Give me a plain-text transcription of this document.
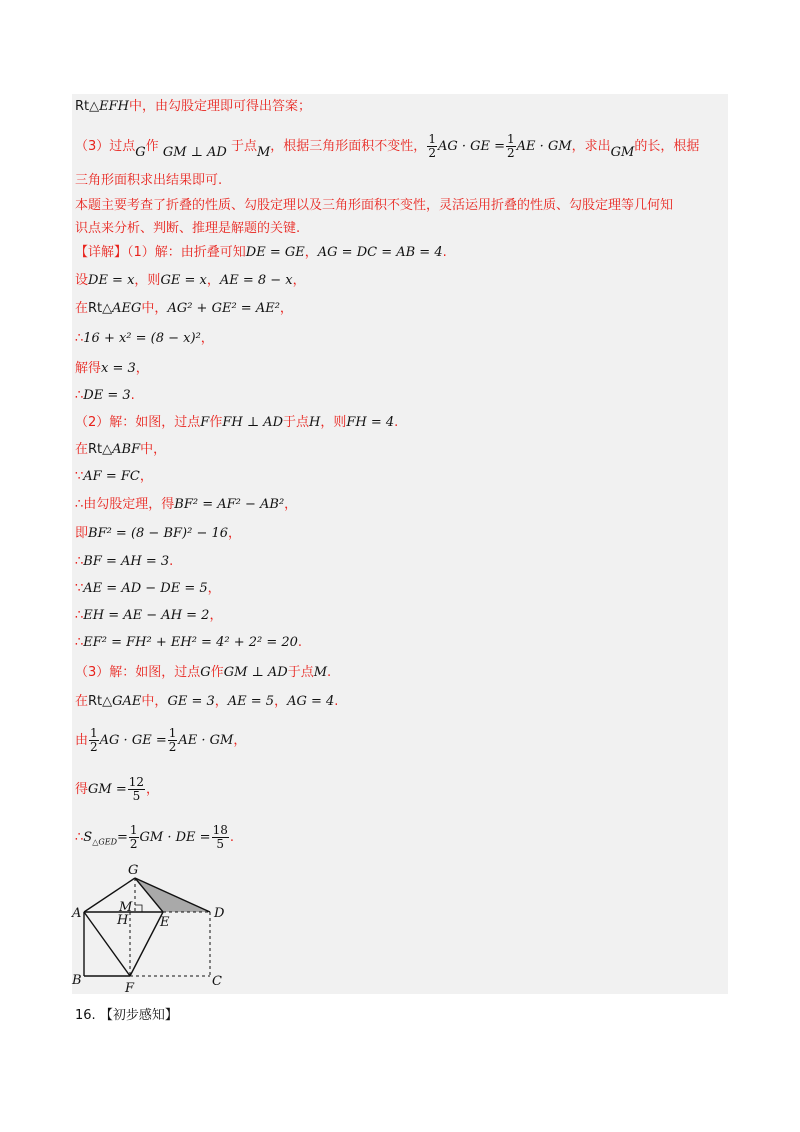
Rt△EFH中，由勾股定理即可得出答案；
（3）过点G作 GM ⊥ AD 于点M，根据三角形面积不变性， $\frac{1}{2}$ AG · GE = $\frac{1}{2}$ AE · GM，求出GM的长，根据
三角形面积求出结果即可.
本题主要考查了折叠的性质、勾股定理以及三角形面积不变性，灵活运用折叠的性质、勾股定理等几何知
识点来分析、判断、推理是解题的关键.
【详解】（1）解：由折叠可知DE = GE，AG = DC = AB = 4.
设DE = x，则GE = x，AE = 8 − x，
在Rt△AEG中，AG² + GE² = AE²，
∴16 + x² = (8 − x)²，
解得x = 3，
∴DE = 3.
（2）解：如图，过点F作FH ⊥ AD于点H，则FH = 4.
在Rt△ABF中，
∵AF = FC，
∴由勾股定理，得BF² = AF² − AB²，
即BF² = (8 − BF)² − 16，
∴BF = AH = 3.
∵AE = AD − DE = 5，
∴EH = AE − AH = 2，
∴EF² = FH² + EH² = 4² + 2² = 20.
（3）解：如图，过点G作GM ⊥ AD于点M.
在Rt△GAE中，GE = 3，AE = 5，AG = 4.
由 $\frac{1}{2}$ AG · GE = $\frac{1}{2}$ AE · GM，
得GM = $\frac{12}{5}$ ，
$\therefore S_{\triangle GED}= \frac{1}{2}$ GM · DE = $\frac{18}{5}$ .
G
A	M
H E
D
B
F	C
16. 【初步感知】
